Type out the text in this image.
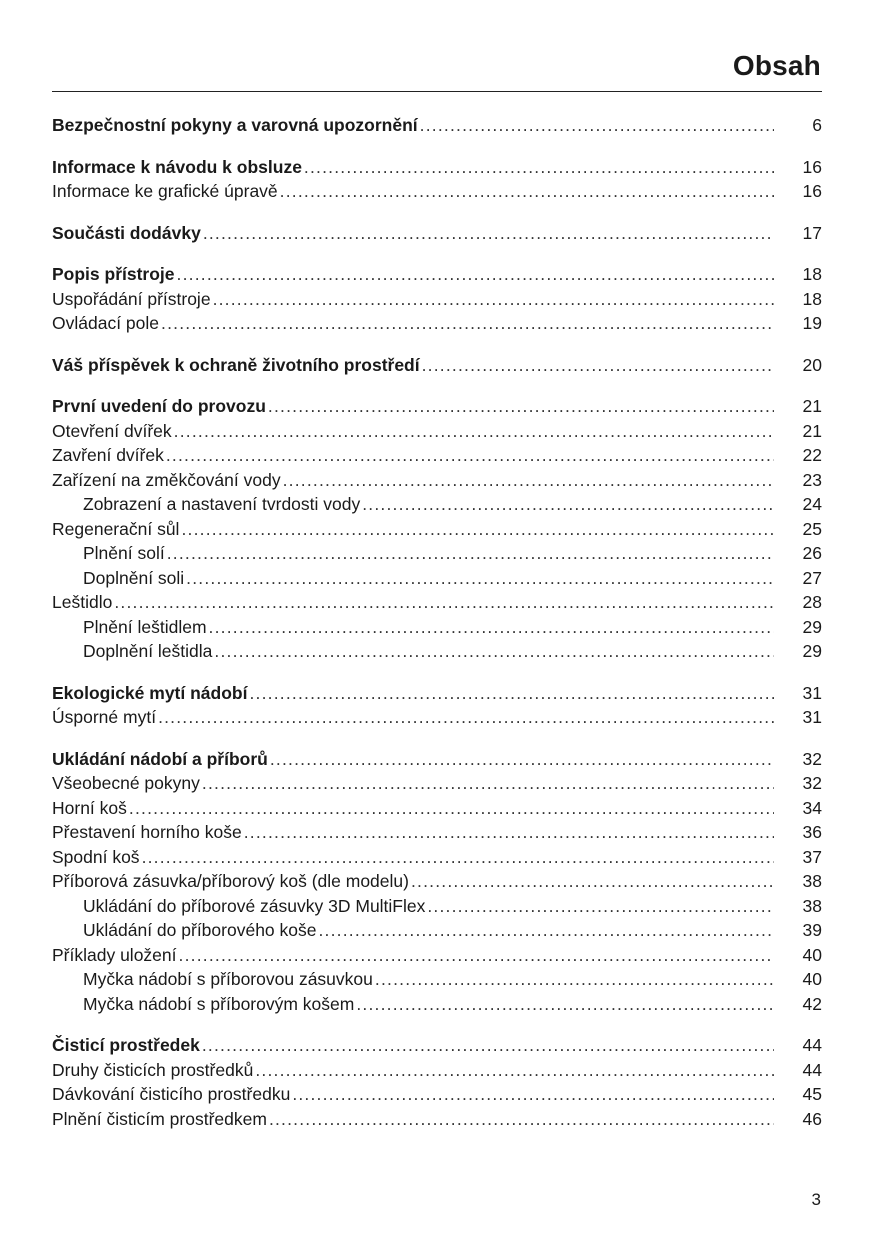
Obsah
Bezpečnostní pokyny a varovná upozornění .....	6
Informace k návodu k obsluze .....	16
Informace ke grafické úpravě .....	16
Součásti dodávky .....	17
Popis přístroje .....	18
Uspořádání přístroje .....	18
Ovládací pole .....	19
Váš příspěvek k ochraně životního prostředí .....	20
První uvedení do provozu .....	21
Otevření dvířek .....	21
Zavření dvířek .....	22
Zařízení na změkčování vody .....	23
Zobrazení a nastavení tvrdosti vody .....	24
Regenerační sůl .....	25
Plnění solí .....	26
Doplnění soli .....	27
Leštidlo .....	28
Plnění leštidlem .....	29
Doplnění leštidla .....	29
Ekologické mytí nádobí .....	31
Úsporné mytí .....	31
Ukládání nádobí a příborů .....	32
Všeobecné pokyny .....	32
Horní koš .....	34
Přestavení horního koše .....	36
Spodní koš .....	37
Příborová zásuvka/příborový koš (dle modelu) .....	38
Ukládání do příborové zásuvky 3D MultiFlex .....	38
Ukládání do příborového koše .....	39
Příklady uložení .....	40
Myčka nádobí s příborovou zásuvkou .....	40
Myčka nádobí s příborovým košem .....	42
Čisticí prostředek .....	44
Druhy čisticích prostředků .....	44
Dávkování čisticího prostředku .....	45
Plnění čisticím prostředkem .....	46
3
